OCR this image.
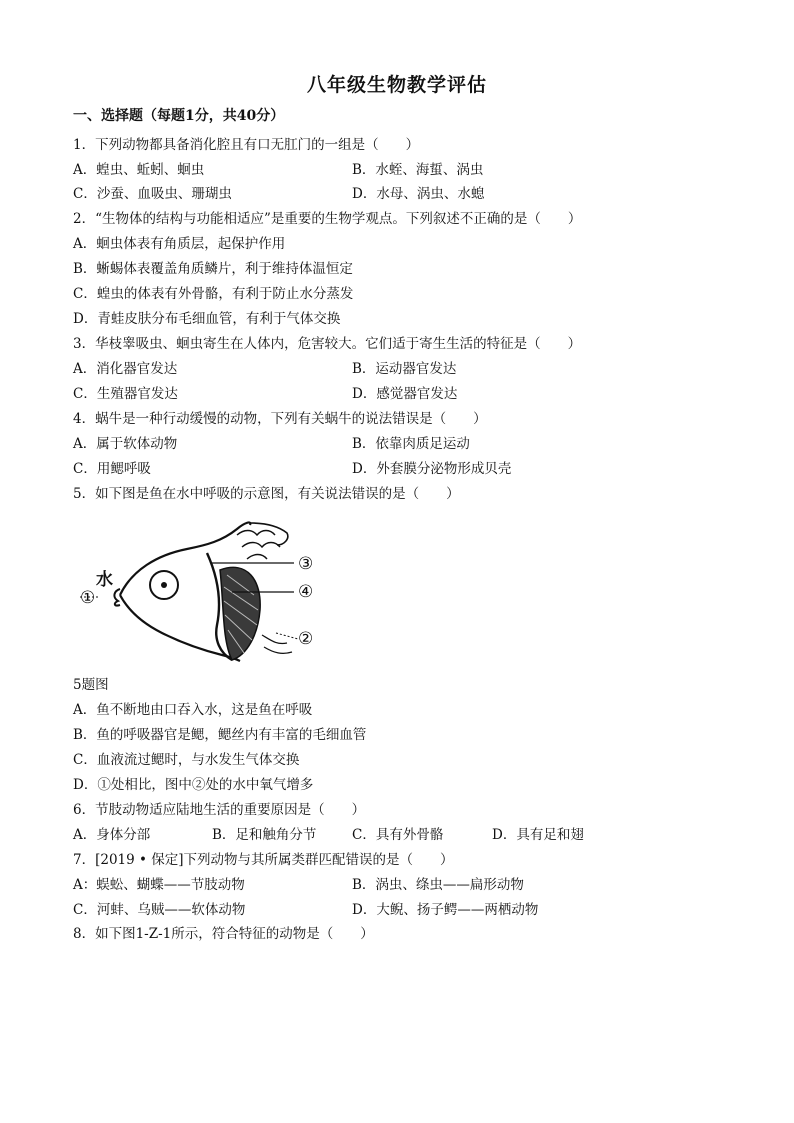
八年级生物教学评估
一、选择题（每题1分，共40分）
1．下列动物都具备消化腔且有口无肛门的一组是（　　）
A．蝗虫、蚯蚓、蛔虫	B．水蛭、海蜇、涡虫
C．沙蚕、血吸虫、珊瑚虫	D．水母、涡虫、水螅
2．“生物体的结构与功能相适应”是重要的生物学观点。下列叙述不正确的是（　　）
A．蛔虫体表有角质层，起保护作用
B．蜥蜴体表覆盖角质鳞片，利于维持体温恒定
C．蝗虫的体表有外骨骼，有利于防止水分蒸发
D．青蛙皮肤分布毛细血管，有利于气体交换
3．华枝睾吸虫、蛔虫寄生在人体内，危害较大。它们适于寄生生活的特征是（　　）
A．消化器官发达	B．运动器官发达
C．生殖器官发达	D．感觉器官发达
4．蜗牛是一种行动缓慢的动物，下列有关蜗牛的说法错误是（　　）
A．属于软体动物	B．依靠肉质足运动
C．用鳃呼吸	D．外套膜分泌物形成贝壳
5．如下图是鱼在水中呼吸的示意图，有关说法错误的是（　　）
水
①
②
③
④
5题图
A．鱼不断地由口吞入水，这是鱼在呼吸
B．鱼的呼吸器官是鳃，鳃丝内有丰富的毛细血管
C．血液流过鳃时，与水发生气体交换
D．①处相比，图中②处的水中氧气增多
6．节肢动物适应陆地生活的重要原因是（　　）
A．身体分部	B．足和触角分节	C．具有外骨骼	D．具有足和翅
7．[2019 • 保定]下列动物与其所属类群匹配错误的是（　　）
A：蜈蚣、蝴蝶——节肢动物	B．涡虫、绦虫——扁形动物
C．河蚌、乌贼——软体动物	D．大鲵、扬子鳄——两栖动物
8．如下图1-Z-1所示，符合特征的动物是（　　）
